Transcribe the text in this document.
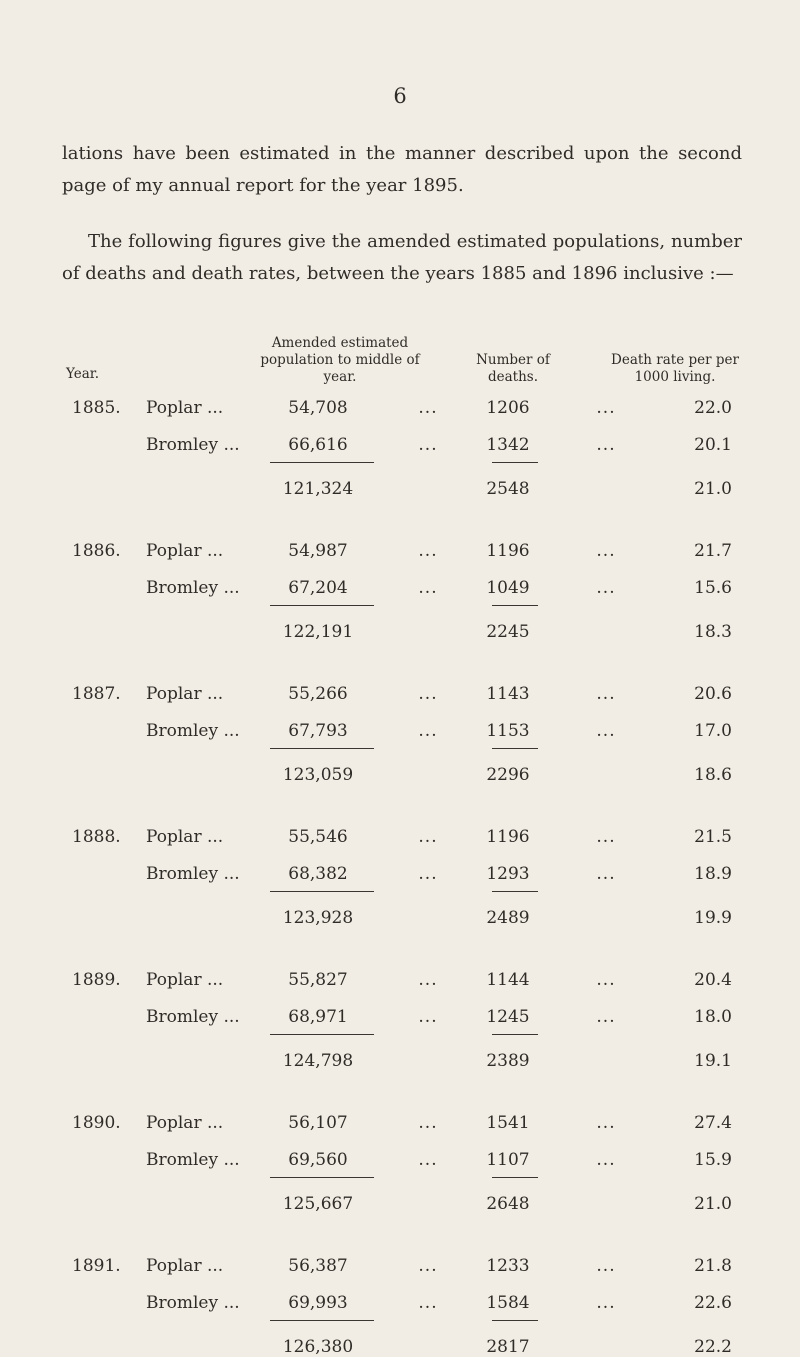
6

lations have been estimated in the manner described upon the second page of my annual report for the year 1895.

The following figures give the amended estimated populations, number of deaths and death rates, between the years 1885 and 1896 inclusive :—

Year.
Amended estimated population to middle of year.
Number of deaths.
Death rate per per 1000 living.
1885.	Poplar ...	54,708	...	1206	...	22.0
Bromley ...	66,616	...	1342	...	20.1
121,324	2548	21.0
1886.	Poplar ...	54,987	...	1196	...	21.7
Bromley ...	67,204	...	1049	...	15.6
122,191	2245	18.3
1887.	Poplar ...	55,266	...	1143	...	20.6
Bromley ...	67,793	...	1153	...	17.0
123,059	2296	18.6
1888.	Poplar ...	55,546	...	1196	...	21.5
Bromley ...	68,382	...	1293	...	18.9
123,928	2489	19.9
1889.	Poplar ...	55,827	...	1144	...	20.4
Bromley ...	68,971	...	1245	...	18.0
124,798	2389	19.1
1890.	Poplar ...	56,107	...	1541	...	27.4
Bromley ...	69,560	...	1107	...	15.9
125,667	2648	21.0
1891.	Poplar ...	56,387	...	1233	...	21.8
Bromley ...	69,993	...	1584	...	22.6
126,380	2817	22.2
